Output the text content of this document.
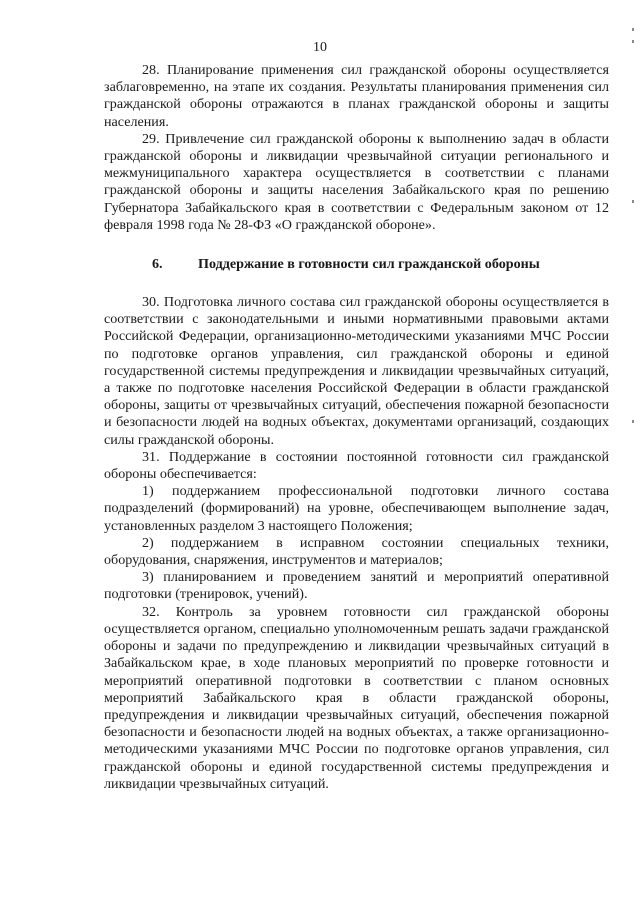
10

28. Планирование применения сил гражданской обороны осуществляется заблаговременно, на этапе их создания. Результаты планирования применения сил гражданской обороны отражаются в планах гражданской обороны и защиты населения.

29. Привлечение сил гражданской обороны к выполнению задач в области гражданской обороны и ликвидации чрезвычайной ситуации регионального и межмуниципального характера осуществляется в соответствии с планами гражданской обороны и защиты населения Забайкальского края по решению Губернатора Забайкальского края в соответствии с Федеральным законом от 12 февраля 1998 года № 28-ФЗ «О гражданской обороне».

6.	Поддержание в готовности сил гражданской обороны

30. Подготовка личного состава сил гражданской обороны осуществляется в соответствии с законодательными и иными нормативными правовыми актами Российской Федерации, организационно-методическими указаниями МЧС России по подготовке органов управления, сил гражданской обороны и единой государственной системы предупреждения и ликвидации чрезвычайных ситуаций, а также по подготовке населения Российской Федерации в области гражданской обороны, защиты от чрезвычайных ситуаций, обеспечения пожарной безопасности и безопасности людей на водных объектах, документами организаций, создающих силы гражданской обороны.

31. Поддержание в состоянии постоянной готовности сил гражданской обороны обеспечивается:

1) поддержанием профессиональной подготовки личного состава подразделений (формирований) на уровне, обеспечивающем выполнение задач, установленных разделом 3 настоящего Положения;

2) поддержанием в исправном состоянии специальных техники, оборудования, снаряжения, инструментов и материалов;

3) планированием и проведением занятий и мероприятий оперативной подготовки (тренировок, учений).

32. Контроль за уровнем готовности сил гражданской обороны осуществляется органом, специально уполномоченным решать задачи гражданской обороны и задачи по предупреждению и ликвидации чрезвычайных ситуаций в Забайкальском крае, в ходе плановых мероприятий по проверке готовности и мероприятий оперативной подготовки в соответствии с планом основных мероприятий Забайкальского края в области гражданской обороны, предупреждения и ликвидации чрезвычайных ситуаций, обеспечения пожарной безопасности и безопасности людей на водных объектах, а также организационно-методическими указаниями МЧС России по подготовке органов управления, сил гражданской обороны и единой государственной системы предупреждения и ликвидации чрезвычайных ситуаций.
